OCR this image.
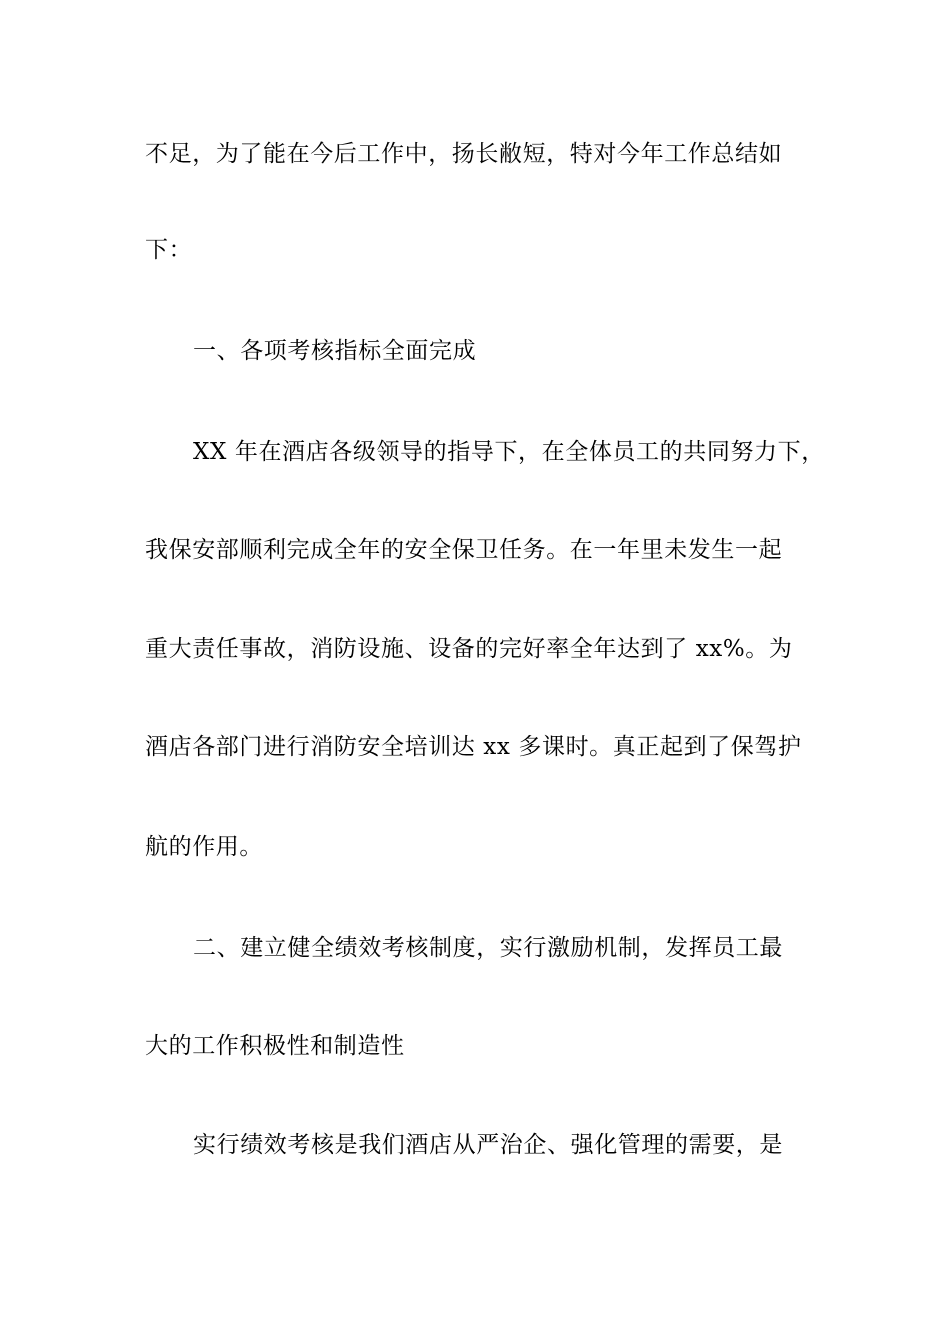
不足，为了能在今后工作中，扬长敝短，特对今年工作总结如
下：
一、各项考核指标全面完成
XX 年在酒店各级领导的指导下，在全体员工的共同努力下，
我保安部顺利完成全年的安全保卫任务。在一年里未发生一起
重大责任事故，消防设施、设备的完好率全年达到了 xx%。为
酒店各部门进行消防安全培训达 xx 多课时。真正起到了保驾护
航的作用。
二、建立健全绩效考核制度，实行激励机制，发挥员工最
大的工作积极性和制造性
实行绩效考核是我们酒店从严治企、强化管理的需要，是
